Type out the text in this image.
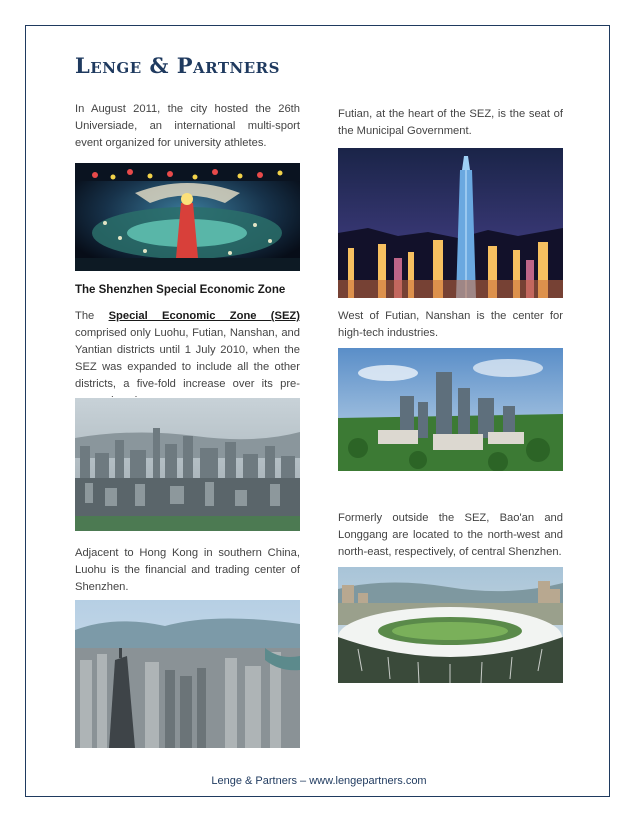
Lenge & Partners

In August 2011, the city hosted the 26th Universiade, an international multi-sport event organized for university athletes.

The Shenzhen Special Economic Zone

The Special Economic Zone (SEZ) comprised only Luohu, Futian, Nanshan, and Yantian districts until 1 July 2010, when the SEZ was expanded to include all the other districts, a five-fold increase over its pre-

Adjacent to Hong Kong in southern China, Luohu is the financial and trading center of Shenzhen.

Futian, at the heart of the SEZ, is the seat of the Municipal Government.

West of Futian, Nanshan is the center for high-tech industries.

Formerly outside the SEZ, Bao'an and Longgang are located to the north-west and north-east, respectively, of central Shenzhen.

Lenge & Partners – www.lengepartners.com
